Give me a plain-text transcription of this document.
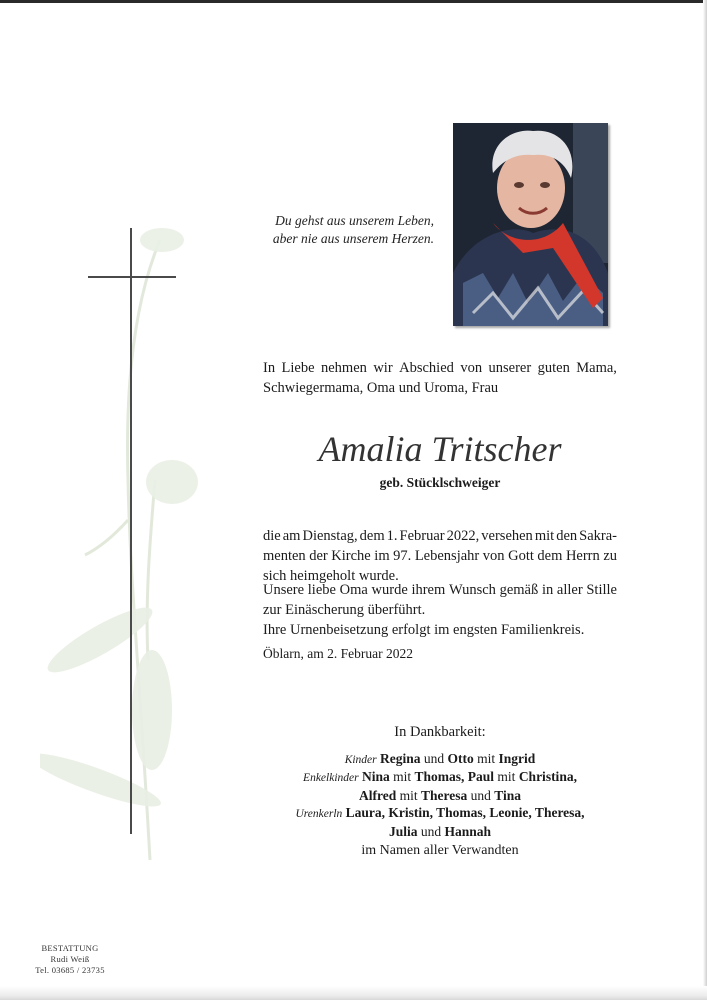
Du gehst aus unserem Leben,
aber nie aus unserem Herzen.
In Liebe nehmen wir Abschied von unserer guten Mama,
Schwiegermama, Oma und Uroma, Frau
Amalia Tritscher
geb. Stücklschweiger
die am Dienstag, dem 1. Februar 2022, versehen mit den Sakra-
menten der Kirche im 97. Lebensjahr von Gott dem Herrn zu
sich heimgeholt wurde.
Unsere liebe Oma wurde ihrem Wunsch gemäß in aller Stille
zur Einäscherung überführt.
Ihre Urnenbeisetzung erfolgt im engsten Familienkreis.
Öblarn, am 2. Februar 2022
In Dankbarkeit:
Kinder Regina und Otto mit Ingrid
Enkelkinder Nina mit Thomas, Paul mit Christina,
Alfred mit Theresa und Tina
Urenkerln Laura, Kristin, Thomas, Leonie, Theresa,
Julia und Hannah
im Namen aller Verwandten
BESTATTUNG
Rudi Weiß
Tel. 03685 / 23735
